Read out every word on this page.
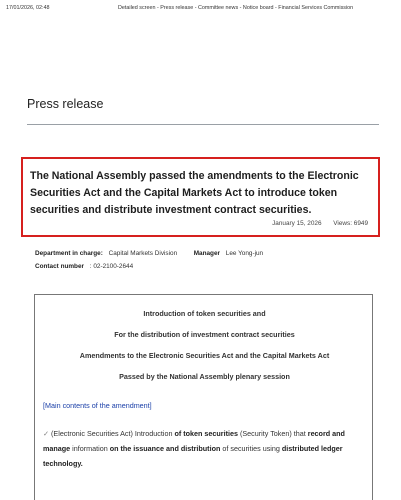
17/01/2026, 02:48	Detailed screen - Press release - Committee news - Notice board - Financial Services Commission
Press release
The National Assembly passed the amendments to the Electronic Securities Act and the Capital Markets Act to introduce token securities and distribute investment contract securities.
January 15, 2026 Views: 6949
Department in charge: Capital Markets Division	Manager Lee Yong-jun
Contact number : 02-2100-2644
Introduction of token securities and
For the distribution of investment contract securities
Amendments to the Electronic Securities Act and the Capital Markets Act
Passed by the National Assembly plenary session
[Main contents of the amendment]
✓ (Electronic Securities Act) Introduction of token securities (Security Token) that record and manage information on the issuance and distribution of securities using distributed ledger technology.
